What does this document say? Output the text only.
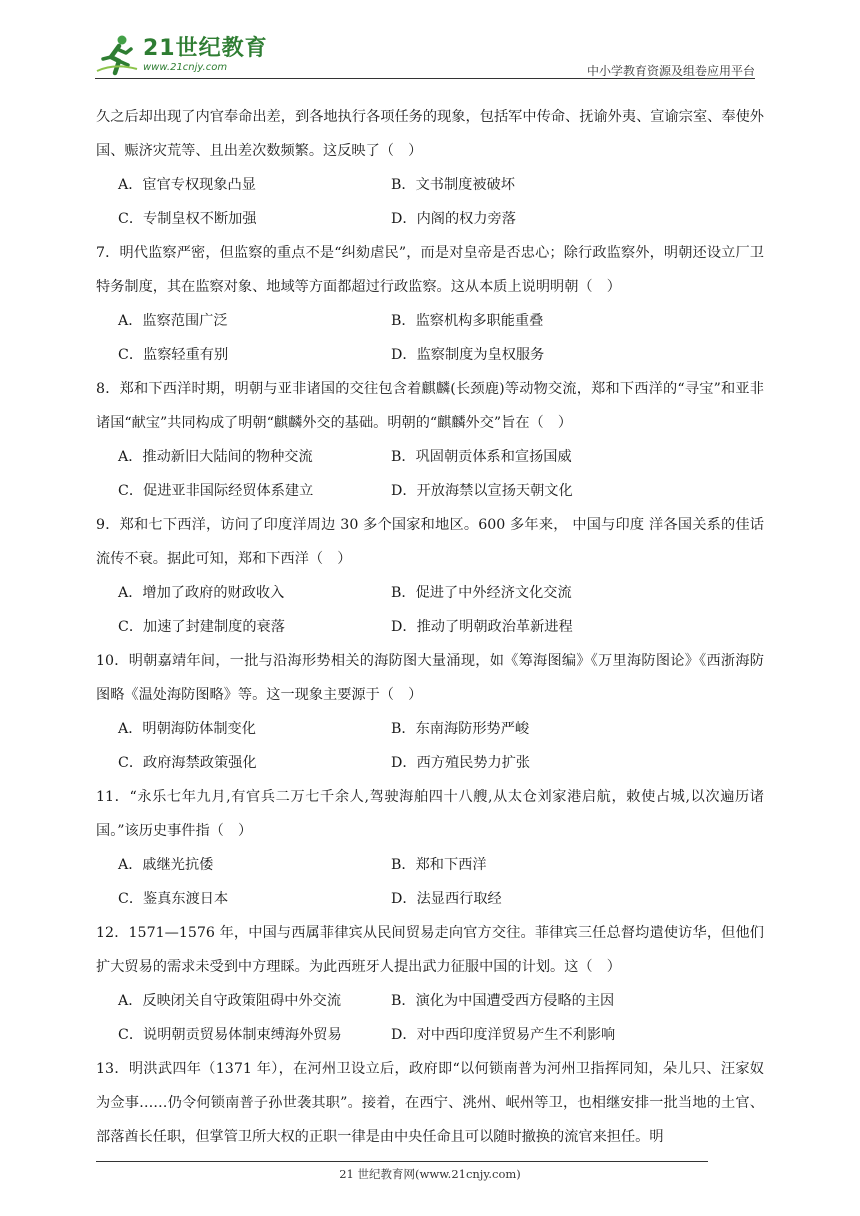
21世纪教育
www.21cnjy.com	中小学教育资源及组卷应用平台

久之后却出现了内官奉命出差，到各地执行各项任务的现象，包括军中传命、抚谕外夷、宣谕宗室、奉使外国、赈济灾荒等、且出差次数频繁。这反映了（　）

A．宦官专权现象凸显	B．文书制度被破坏
C．专制皇权不断加强	D．内阁的权力旁落

7．明代监察严密，但监察的重点不是“纠劾虐民”，而是对皇帝是否忠心；除行政监察外，明朝还设立厂卫特务制度，其在监察对象、地域等方面都超过行政监察。这从本质上说明明朝（　）

A．监察范围广泛	B．监察机构多职能重叠
C．监察轻重有别	D．监察制度为皇权服务

8．郑和下西洋时期，明朝与亚非诸国的交往包含着麒麟(长颈鹿)等动物交流，郑和下西洋的“寻宝”和亚非诸国“献宝”共同构成了明朝“麒麟外交的基础。明朝的“麒麟外交”旨在（　）

A．推动新旧大陆间的物种交流	B．巩固朝贡体系和宣扬国威
C．促进亚非国际经贸体系建立	D．开放海禁以宣扬天朝文化

9．郑和七下西洋，访问了印度洋周边 30 多个国家和地区。600 多年来， 中国与印度 洋各国关系的佳话流传不衰。据此可知，郑和下西洋（　）

A．增加了政府的财政收入	B．促进了中外经济文化交流
C．加速了封建制度的衰落	D．推动了明朝政治革新进程

10．明朝嘉靖年间，一批与沿海形势相关的海防图大量涌现，如《筹海图编》《万里海防图论》《西浙海防图略《温处海防图略》等。这一现象主要源于（　）

A．明朝海防体制变化	B．东南海防形势严峻
C．政府海禁政策强化	D．西方殖民势力扩张

11．“永乐七年九月,有官兵二万七千余人,驾驶海舶四十八艘,从太仓刘家港启航，敕使占城,以次遍历诸国。”该历史事件指（　）

A．戚继光抗倭	B．郑和下西洋
C．鉴真东渡日本	D．法显西行取经

12．1571—1576 年，中国与西属菲律宾从民间贸易走向官方交往。菲律宾三任总督均遣使访华，但他们扩大贸易的需求未受到中方理睬。为此西班牙人提出武力征服中国的计划。这（　）

A．反映闭关自守政策阻碍中外交流	B．演化为中国遭受西方侵略的主因
C．说明朝贡贸易体制束缚海外贸易	D．对中西印度洋贸易产生不利影响

13．明洪武四年（1371 年），在河州卫设立后，政府即“以何锁南普为河州卫指挥同知，朵儿只、汪家奴为佥事……仍令何锁南普子孙世袭其职”。接着，在西宁、洮州、岷州等卫，也相继安排一批当地的土官、部落酋长任职，但掌管卫所大权的正职一律是由中央任命且可以随时撤换的流官来担任。明

21 世纪教育网(www.21cnjy.com)
